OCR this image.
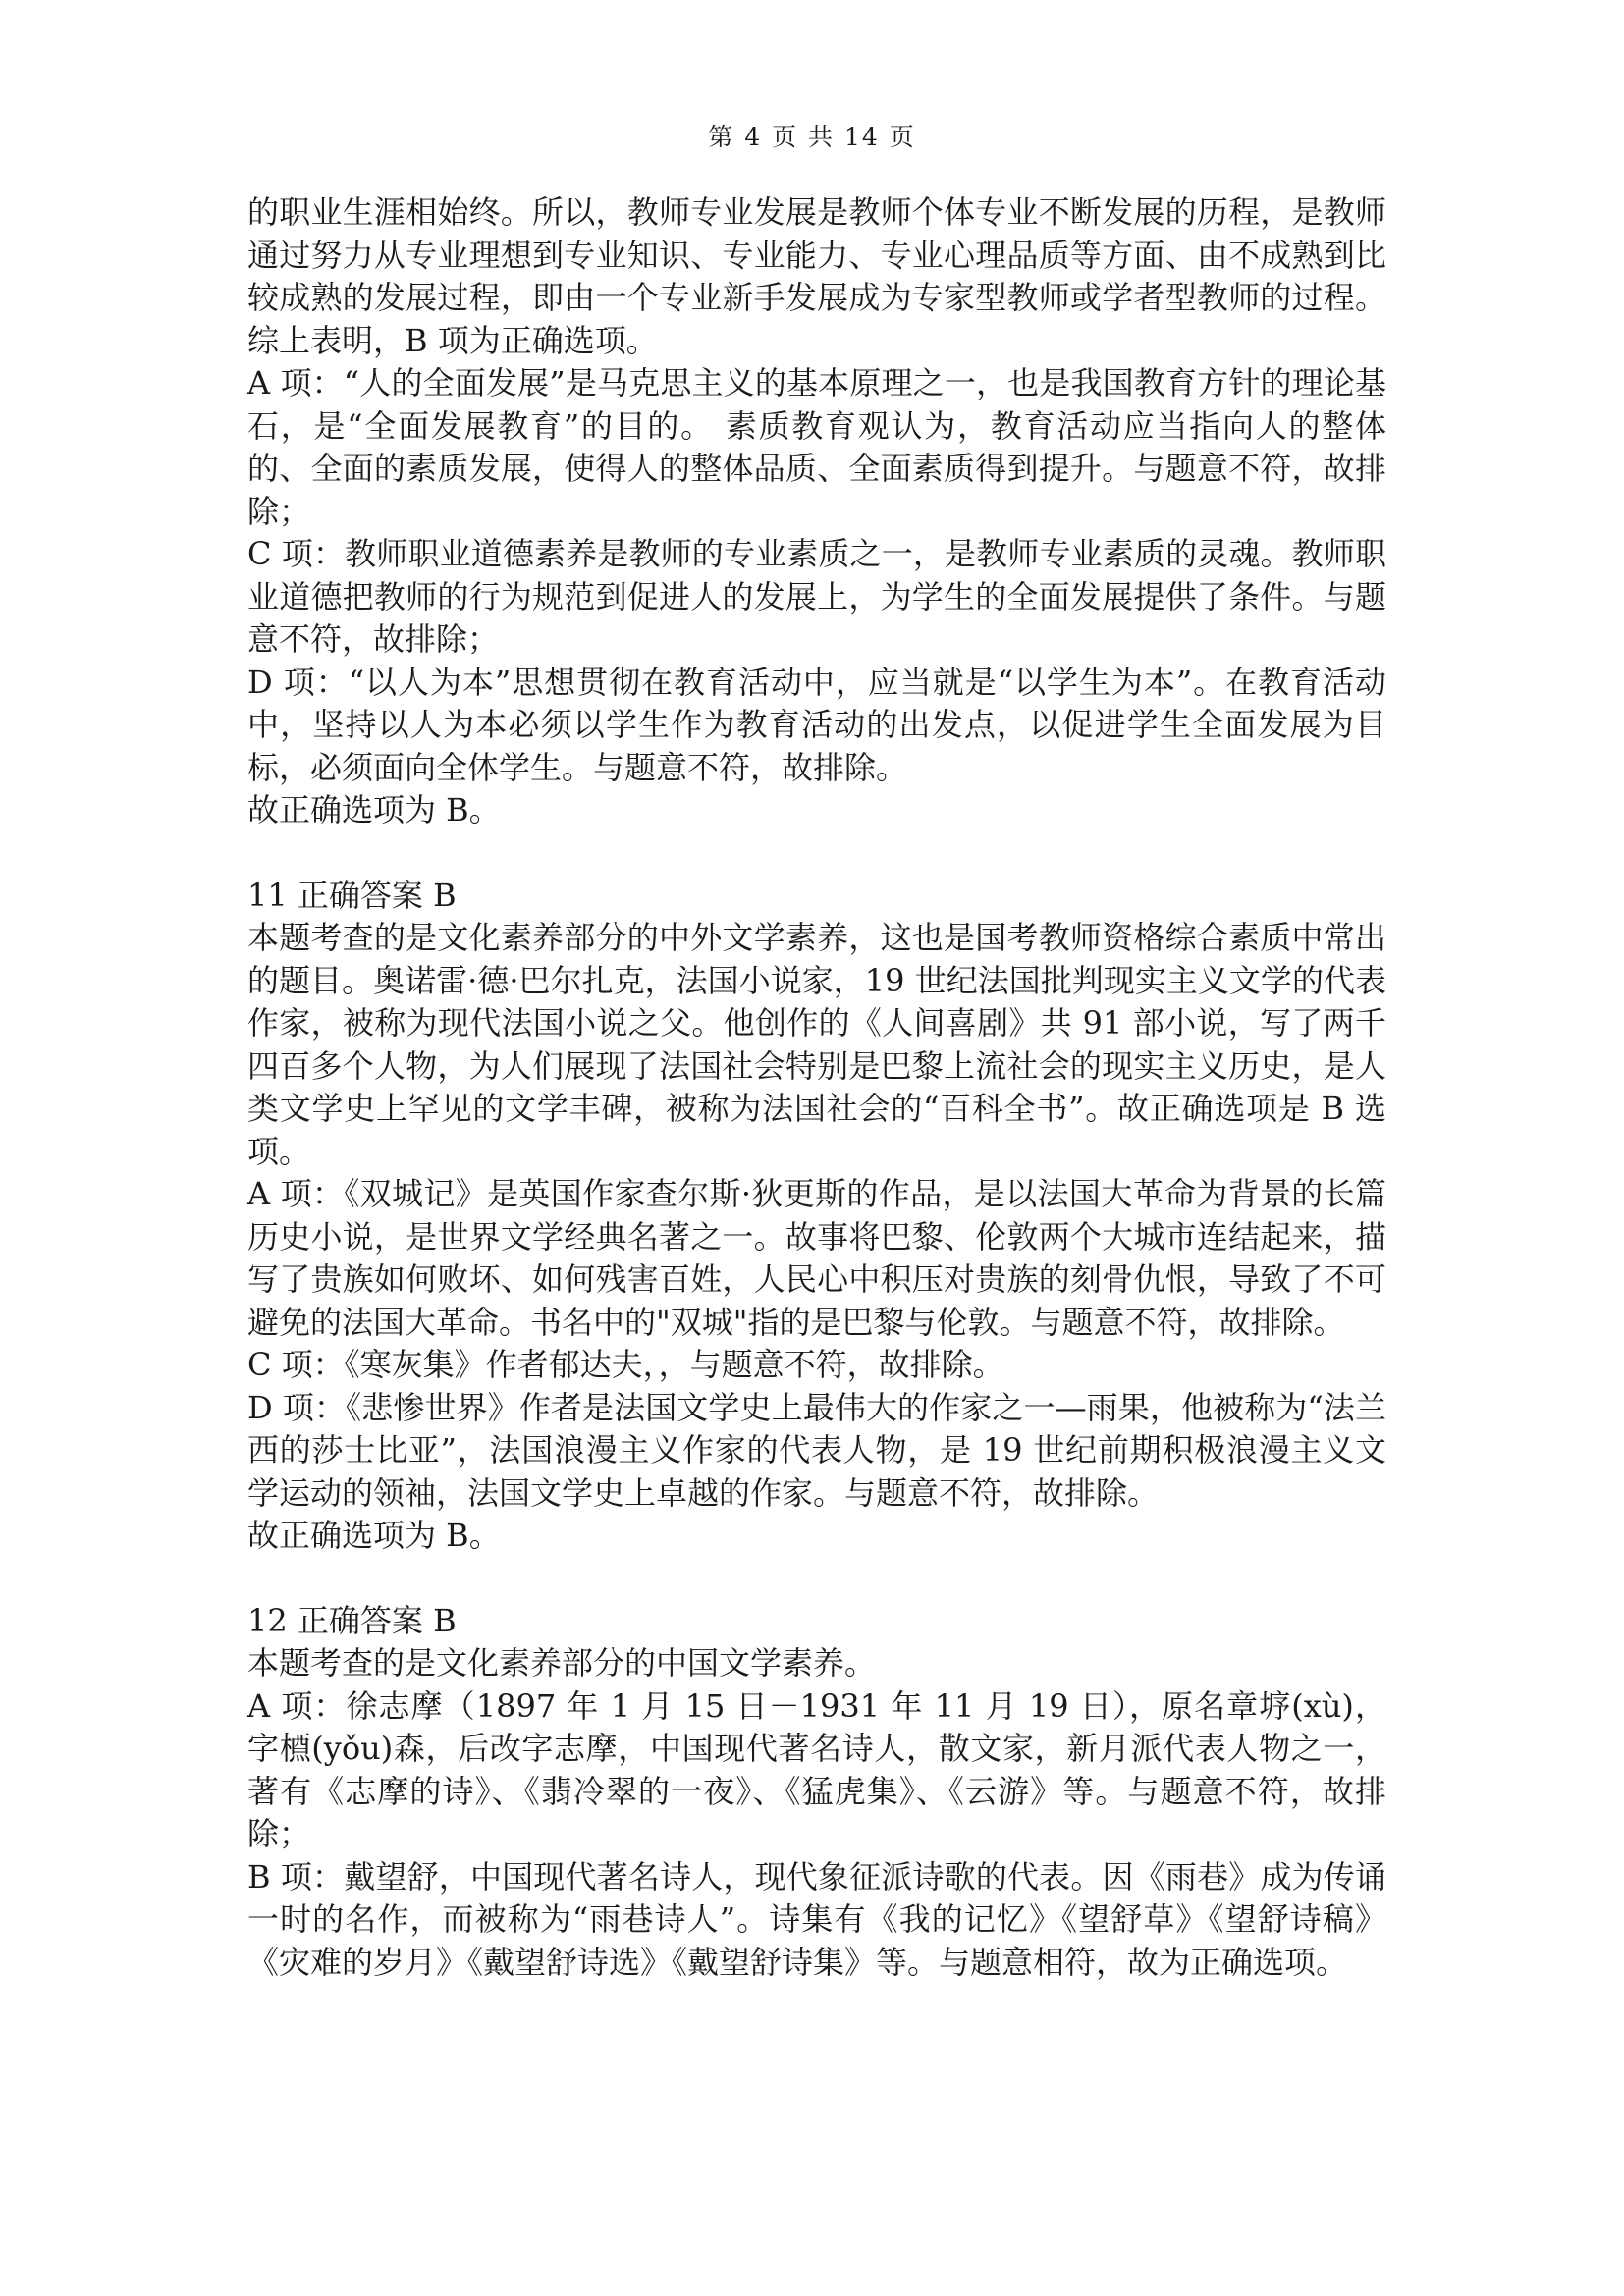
第 4 页 共 14 页

的职业生涯相始终。所以，教师专业发展是教师个体专业不断发展的历程，是教师通过努力从专业理想到专业知识、专业能力、专业心理品质等方面、由不成熟到比较成熟的发展过程，即由一个专业新手发展成为专家型教师或学者型教师的过程。综上表明，B 项为正确选项。

A 项：“人的全面发展”是马克思主义的基本原理之一，也是我国教育方针的理论基石，是“全面发展教育”的目的。 素质教育观认为，教育活动应当指向人的整体的、全面的素质发展，使得人的整体品质、全面素质得到提升。与题意不符，故排除；

C 项：教师职业道德素养是教师的专业素质之一，是教师专业素质的灵魂。教师职业道德把教师的行为规范到促进人的发展上，为学生的全面发展提供了条件。与题意不符，故排除；

D 项：“以人为本”思想贯彻在教育活动中，应当就是“以学生为本”。在教育活动中，坚持以人为本必须以学生作为教育活动的出发点，以促进学生全面发展为目标，必须面向全体学生。与题意不符，故排除。

故正确选项为 B。

11 正确答案 B

本题考查的是文化素养部分的中外文学素养，这也是国考教师资格综合素质中常出的题目。奥诺雷·德·巴尔扎克，法国小说家，19 世纪法国批判现实主义文学的代表作家，被称为现代法国小说之父。他创作的《人间喜剧》共 91 部小说，写了两千四百多个人物，为人们展现了法国社会特别是巴黎上流社会的现实主义历史，是人类文学史上罕见的文学丰碑，被称为法国社会的“百科全书”。故正确选项是 B 选项。

A 项：《双城记》是英国作家查尔斯·狄更斯的作品，是以法国大革命为背景的长篇历史小说，是世界文学经典名著之一。故事将巴黎、伦敦两个大城市连结起来，描写了贵族如何败坏、如何残害百姓，人民心中积压对贵族的刻骨仇恨，导致了不可避免的法国大革命。书名中的"双城"指的是巴黎与伦敦。与题意不符，故排除。

C 项：《寒灰集》作者郁达夫，，与题意不符，故排除。

D 项：《悲惨世界》作者是法国文学史上最伟大的作家之一—雨果，他被称为“法兰西的莎士比亚”，法国浪漫主义作家的代表人物，是 19 世纪前期积极浪漫主义文学运动的领袖，法国文学史上卓越的作家。与题意不符，故排除。

故正确选项为 B。

12 正确答案 B

本题考查的是文化素养部分的中国文学素养。

A 项：徐志摩（1897 年 1 月 15 日－1931 年 11 月 19 日），原名章垿(xù)，字槱(yǒu)森，后改字志摩，中国现代著名诗人，散文家，新月派代表人物之一，著有《志摩的诗》、《翡冷翠的一夜》、《猛虎集》、《云游》等。与题意不符，故排除；

B 项：戴望舒，中国现代著名诗人，现代象征派诗歌的代表。因《雨巷》成为传诵一时的名作，而被称为“雨巷诗人”。诗集有《我的记忆》《望舒草》《望舒诗稿》《灾难的岁月》《戴望舒诗选》《戴望舒诗集》等。与题意相符，故为正确选项。
